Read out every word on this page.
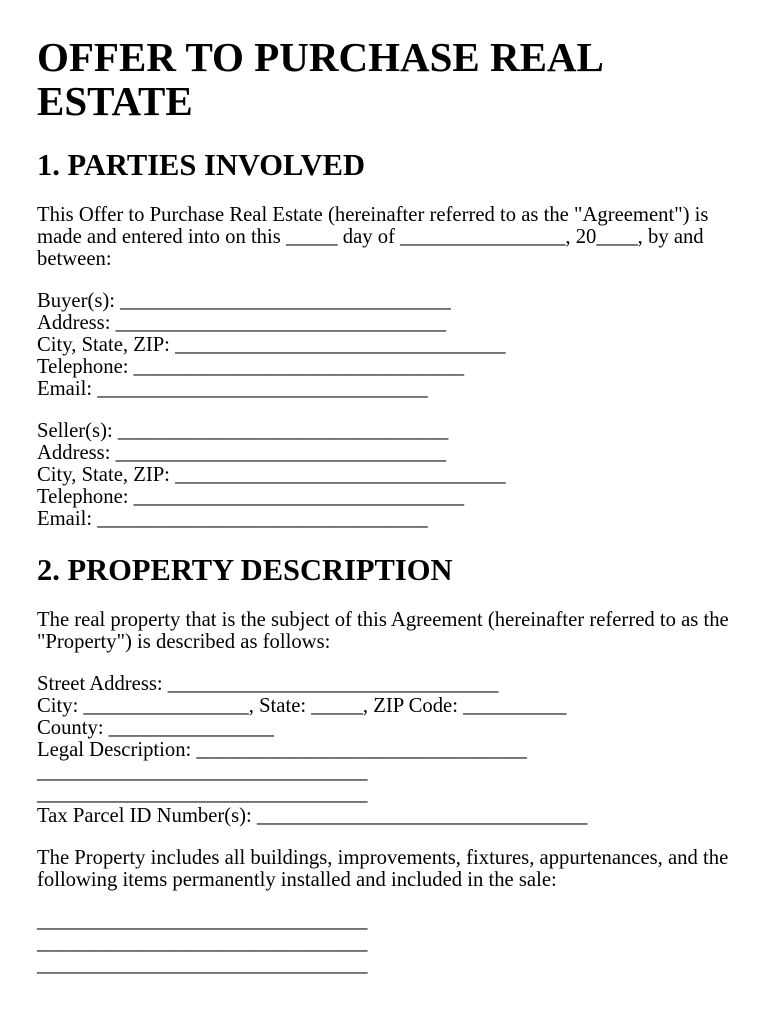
OFFER TO PURCHASE REAL ESTATE
1. PARTIES INVOLVED
This Offer to Purchase Real Estate (hereinafter referred to as the "Agreement") is
made and entered into on this _____ day of ________________, 20____, by and
between:
Buyer(s): ________________________________
Address: ________________________________
City, State, ZIP: ________________________________
Telephone: ________________________________
Email: ________________________________
Seller(s): ________________________________
Address: ________________________________
City, State, ZIP: ________________________________
Telephone: ________________________________
Email: ________________________________
2. PROPERTY DESCRIPTION
The real property that is the subject of this Agreement (hereinafter referred to as the
"Property") is described as follows:
Street Address: ________________________________
City: ________________, State: _____, ZIP Code: __________
County: ________________
Legal Description: ________________________________
________________________________
________________________________
Tax Parcel ID Number(s): ________________________________
The Property includes all buildings, improvements, fixtures, appurtenances, and the
following items permanently installed and included in the sale:
________________________________
________________________________
________________________________
